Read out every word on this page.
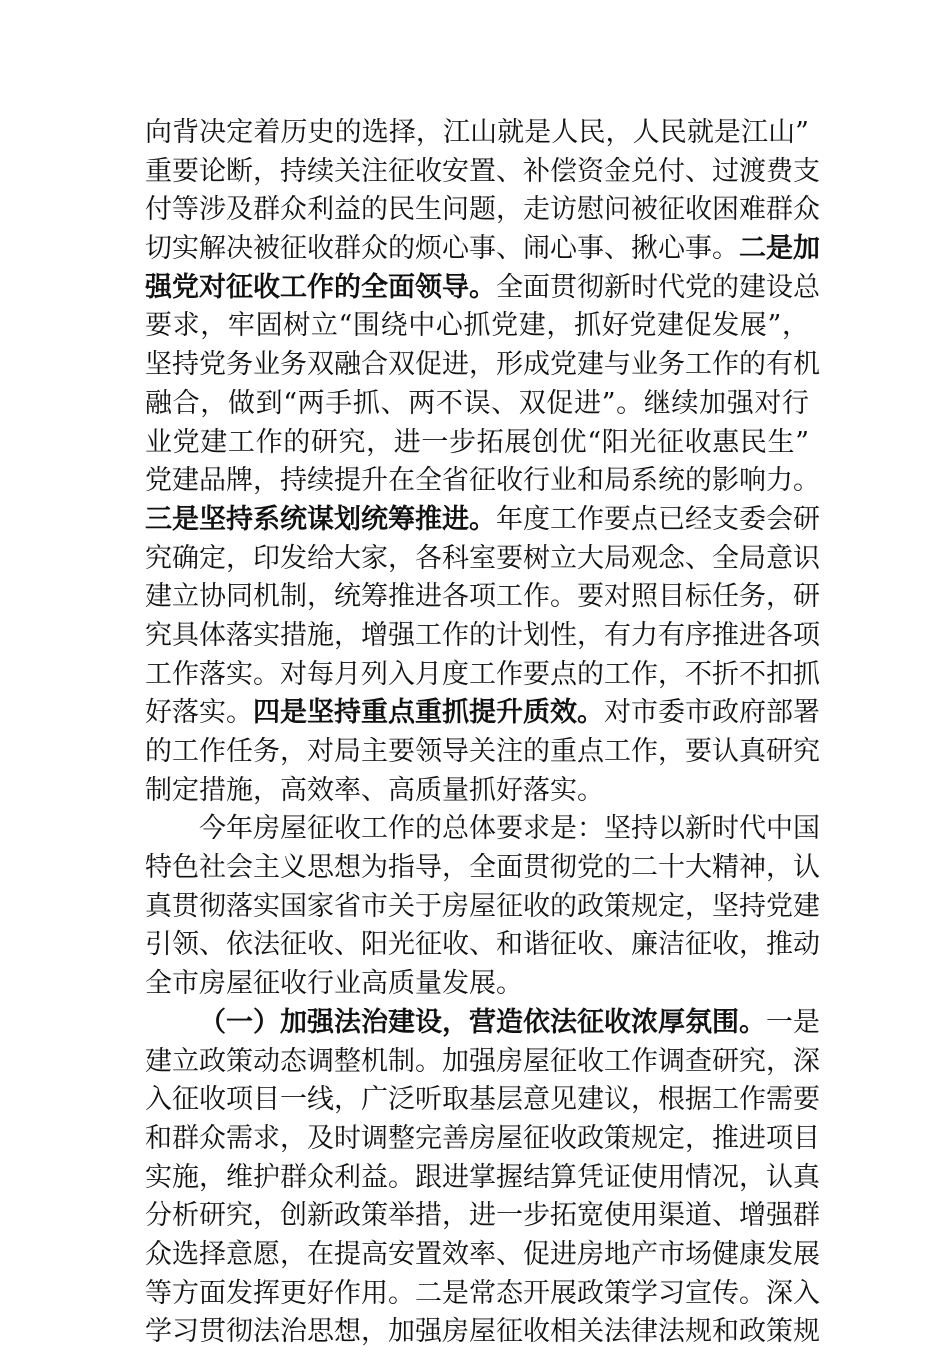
向背决定着历史的选择，江山就是人民，人民就是江山”
重要论断，持续关注征收安置、补偿资金兑付、过渡费支
付等涉及群众利益的民生问题，走访慰问被征收困难群众
切实解决被征收群众的烦心事、闹心事、揪心事。二是加
强党对征收工作的全面领导。全面贯彻新时代党的建设总
要求，牢固树立“围绕中心抓党建，抓好党建促发展”，
坚持党务业务双融合双促进，形成党建与业务工作的有机
融合，做到“两手抓、两不误、双促进”。继续加强对行
业党建工作的研究，进一步拓展创优“阳光征收惠民生”
党建品牌，持续提升在全省征收行业和局系统的影响力。
三是坚持系统谋划统筹推进。年度工作要点已经支委会研
究确定，印发给大家，各科室要树立大局观念、全局意识
建立协同机制，统筹推进各项工作。要对照目标任务，研
究具体落实措施，增强工作的计划性，有力有序推进各项
工作落实。对每月列入月度工作要点的工作，不折不扣抓
好落实。四是坚持重点重抓提升质效。对市委市政府部署
的工作任务，对局主要领导关注的重点工作，要认真研究
制定措施，高效率、高质量抓好落实。
今年房屋征收工作的总体要求是：坚持以新时代中国
特色社会主义思想为指导，全面贯彻党的二十大精神，认
真贯彻落实国家省市关于房屋征收的政策规定，坚持党建
引领、依法征收、阳光征收、和谐征收、廉洁征收，推动
全市房屋征收行业高质量发展。
（一）加强法治建设，营造依法征收浓厚氛围。一是
建立政策动态调整机制。加强房屋征收工作调查研究，深
入征收项目一线，广泛听取基层意见建议，根据工作需要
和群众需求，及时调整完善房屋征收政策规定，推进项目
实施，维护群众利益。跟进掌握结算凭证使用情况，认真
分析研究，创新政策举措，进一步拓宽使用渠道、增强群
众选择意愿，在提高安置效率、促进房地产市场健康发展
等方面发挥更好作用。二是常态开展政策学习宣传。深入
学习贯彻法治思想，加强房屋征收相关法律法规和政策规
